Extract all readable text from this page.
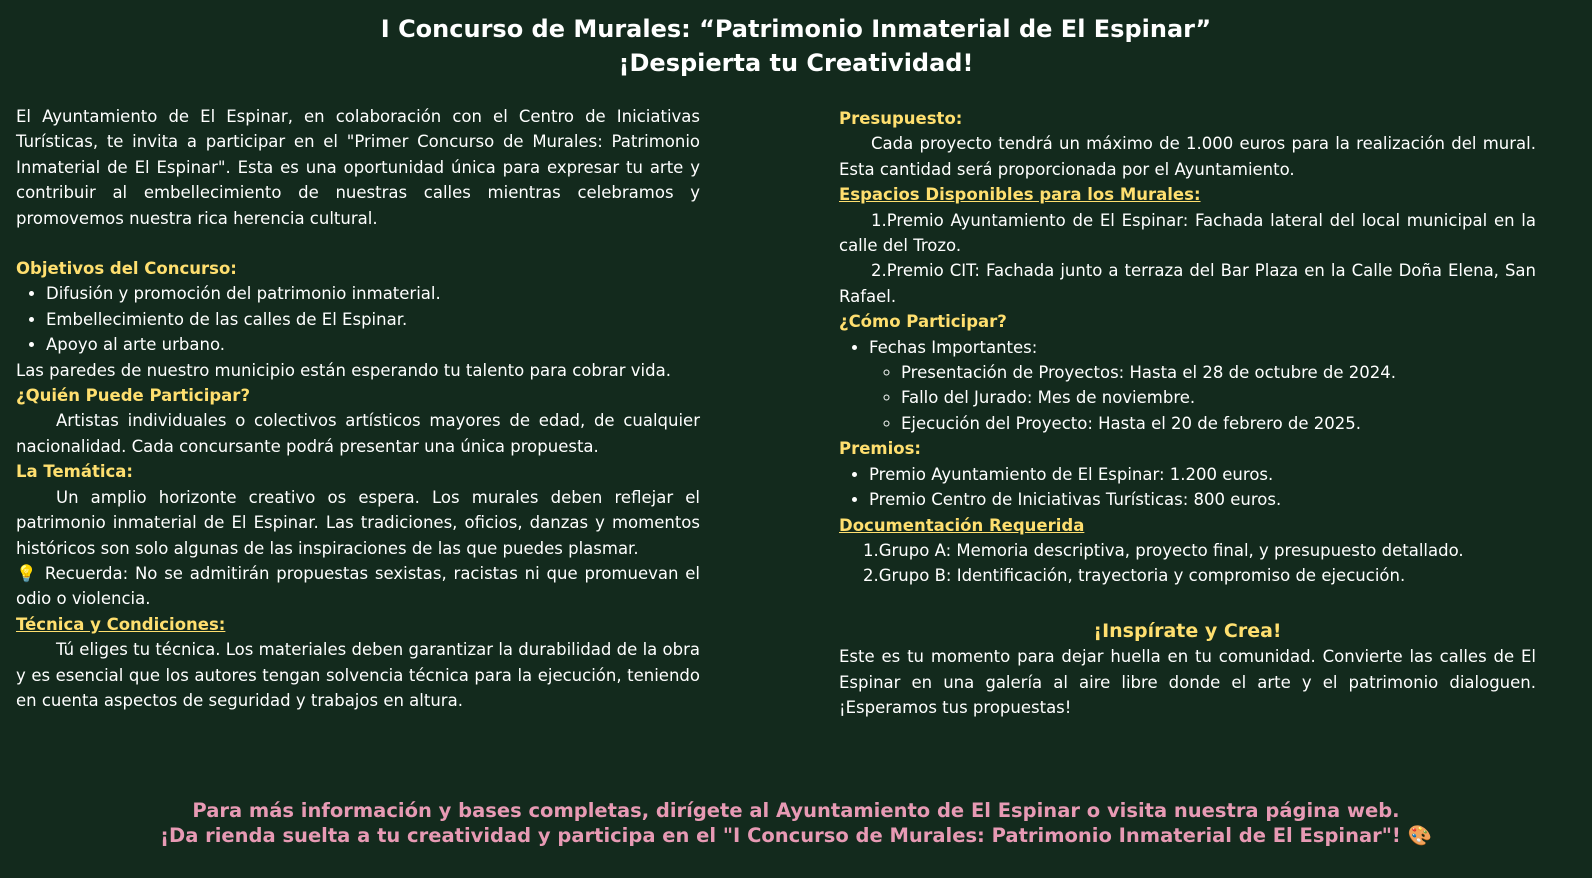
I Concurso de Murales: “Patrimonio Inmaterial de El Espinar”
¡Despierta tu Creatividad!

El Ayuntamiento de El Espinar, en colaboración con el Centro de Iniciativas Turísticas, te invita a participar en el "Primer Concurso de Murales: Patrimonio Inmaterial de El Espinar". Esta es una oportunidad única para expresar tu arte y contribuir al embellecimiento de nuestras calles mientras celebramos y promovemos nuestra rica herencia cultural.

Objetivos del Concurso:

• Difusión y promoción del patrimonio inmaterial.
• Embellecimiento de las calles de El Espinar.
• Apoyo al arte urbano.

Las paredes de nuestro municipio están esperando tu talento para cobrar vida.

¿Quién Puede Participar?

Artistas individuales o colectivos artísticos mayores de edad, de cualquier nacionalidad. Cada concursante podrá presentar una única propuesta.

La Temática:

Un amplio horizonte creativo os espera. Los murales deben reflejar el patrimonio inmaterial de El Espinar. Las tradiciones, oficios, danzas y momentos históricos son solo algunas de las inspiraciones de las que puedes plasmar.

💡 Recuerda: No se admitirán propuestas sexistas, racistas ni que promuevan el odio o violencia.

Técnica y Condiciones:

Tú eliges tu técnica. Los materiales deben garantizar la durabilidad de la obra y es esencial que los autores tengan solvencia técnica para la ejecución, teniendo en cuenta aspectos de seguridad y trabajos en altura.

Presupuesto:

Cada proyecto tendrá un máximo de 1.000 euros para la realización del mural. Esta cantidad será proporcionada por el Ayuntamiento.

Espacios Disponibles para los Murales:

1.Premio Ayuntamiento de El Espinar: Fachada lateral del local municipal en la calle del Trozo.

2.Premio CIT: Fachada junto a terraza del Bar Plaza en la Calle Doña Elena, San Rafael.

¿Cómo Participar?

• Fechas Importantes:
◦ Presentación de Proyectos: Hasta el 28 de octubre de 2024.
◦ Fallo del Jurado: Mes de noviembre.
◦ Ejecución del Proyecto: Hasta el 20 de febrero de 2025.

Premios:

• Premio Ayuntamiento de El Espinar: 1.200 euros.
• Premio Centro de Iniciativas Turísticas: 800 euros.

Documentación Requerida

1.Grupo A: Memoria descriptiva, proyecto final, y presupuesto detallado.

2.Grupo B: Identificación, trayectoria y compromiso de ejecución.

¡Inspírate y Crea!

Este es tu momento para dejar huella en tu comunidad. Convierte las calles de El Espinar en una galería al aire libre donde el arte y el patrimonio dialoguen. ¡Esperamos tus propuestas!

Para más información y bases completas, dirígete al Ayuntamiento de El Espinar o visita nuestra página web.
¡Da rienda suelta a tu creatividad y participa en el "I Concurso de Murales: Patrimonio Inmaterial de El Espinar"! 🎨
